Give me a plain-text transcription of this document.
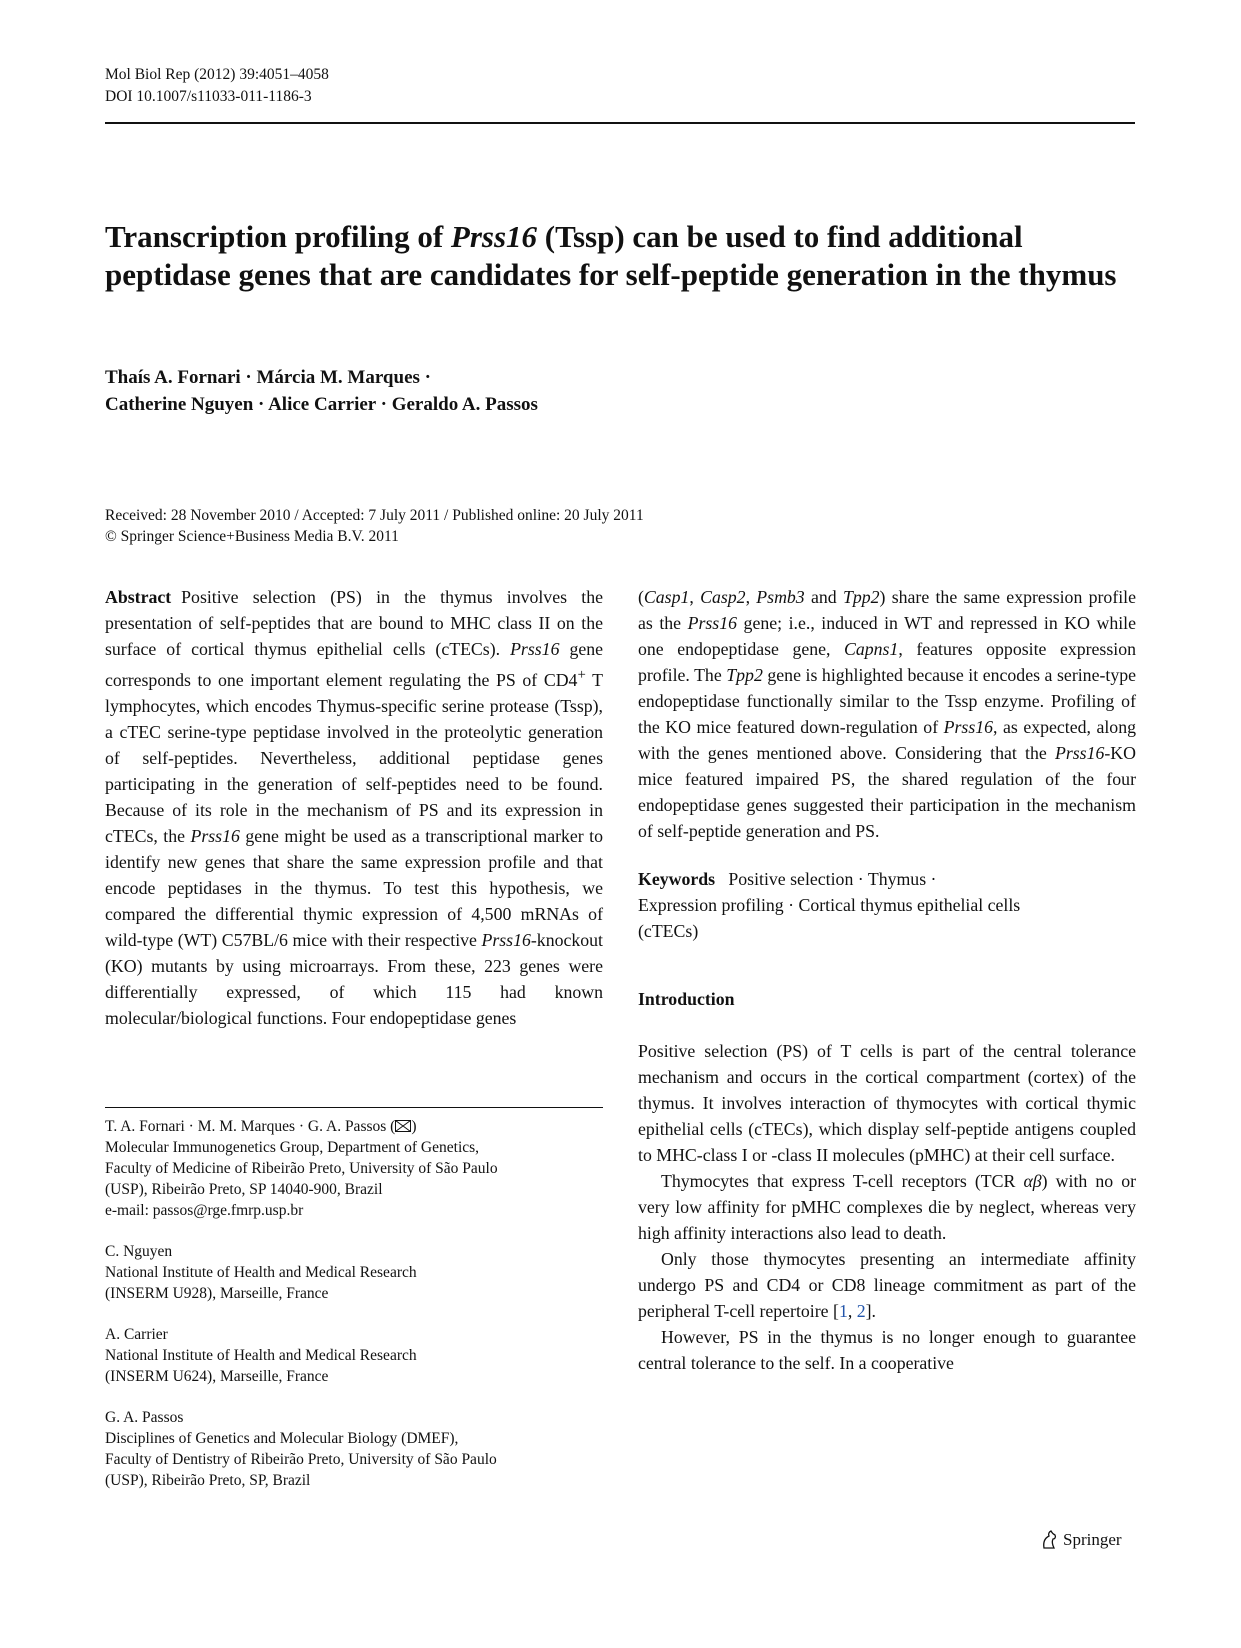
Mol Biol Rep (2012) 39:4051–4058
DOI 10.1007/s11033-011-1186-3
Transcription profiling of Prss16 (Tssp) can be used to find additional peptidase genes that are candidates for self-peptide generation in the thymus
Thaís A. Fornari · Márcia M. Marques ·
Catherine Nguyen · Alice Carrier · Geraldo A. Passos
Received: 28 November 2010 / Accepted: 7 July 2011 / Published online: 20 July 2011
© Springer Science+Business Media B.V. 2011

Abstract Positive selection (PS) in the thymus involves the presentation of self-peptides that are bound to MHC class II on the surface of cortical thymus epithelial cells (cTECs). Prss16 gene corresponds to one important element regulating the PS of CD4+ T lymphocytes, which encodes Thymus-specific serine protease (Tssp), a cTEC serine-type peptidase involved in the proteolytic generation of self-peptides. Nevertheless, additional peptidase genes participating in the generation of self-peptides need to be found. Because of its role in the mechanism of PS and its expression in cTECs, the Prss16 gene might be used as a transcriptional marker to identify new genes that share the same expression profile and that encode peptidases in the thymus. To test this hypothesis, we compared the differential thymic expression of 4,500 mRNAs of wild-type (WT) C57BL/6 mice with their respective Prss16-knockout (KO) mutants by using microarrays. From these, 223 genes were differentially expressed, of which 115 had known molecular/biological functions. Four endopeptidase genes

T. A. Fornari · M. M. Marques · G. A. Passos ( )
Molecular Immunogenetics Group, Department of Genetics,
Faculty of Medicine of Ribeirão Preto, University of São Paulo
(USP), Ribeirão Preto, SP 14040-900, Brazil
e-mail: passos@rge.fmrp.usp.br
C. Nguyen
National Institute of Health and Medical Research
(INSERM U928), Marseille, France
A. Carrier
National Institute of Health and Medical Research
(INSERM U624), Marseille, France
G. A. Passos
Disciplines of Genetics and Molecular Biology (DMEF),
Faculty of Dentistry of Ribeirão Preto, University of São Paulo
(USP), Ribeirão Preto, SP, Brazil

(Casp1, Casp2, Psmb3 and Tpp2) share the same expression profile as the Prss16 gene; i.e., induced in WT and repressed in KO while one endopeptidase gene, Capns1, features opposite expression profile. The Tpp2 gene is highlighted because it encodes a serine-type endopeptidase functionally similar to the Tssp enzyme. Profiling of the KO mice featured down-regulation of Prss16, as expected, along with the genes mentioned above. Considering that the Prss16-KO mice featured impaired PS, the shared regulation of the four endopeptidase genes suggested their participation in the mechanism of self-peptide generation and PS.

Keywords Positive selection · Thymus ·
Expression profiling · Cortical thymus epithelial cells
(cTECs)

Introduction

Positive selection (PS) of T cells is part of the central tolerance mechanism and occurs in the cortical compartment (cortex) of the thymus. It involves interaction of thymocytes with cortical thymic epithelial cells (cTECs), which display self-peptide antigens coupled to MHC-class I or -class II molecules (pMHC) at their cell surface.

Thymocytes that express T-cell receptors (TCR αβ) with no or very low affinity for pMHC complexes die by neglect, whereas very high affinity interactions also lead to death.

Only those thymocytes presenting an intermediate affinity undergo PS and CD4 or CD8 lineage commitment as part of the peripheral T-cell repertoire [1, 2].

However, PS in the thymus is no longer enough to guarantee central tolerance to the self. In a cooperative

Springer
